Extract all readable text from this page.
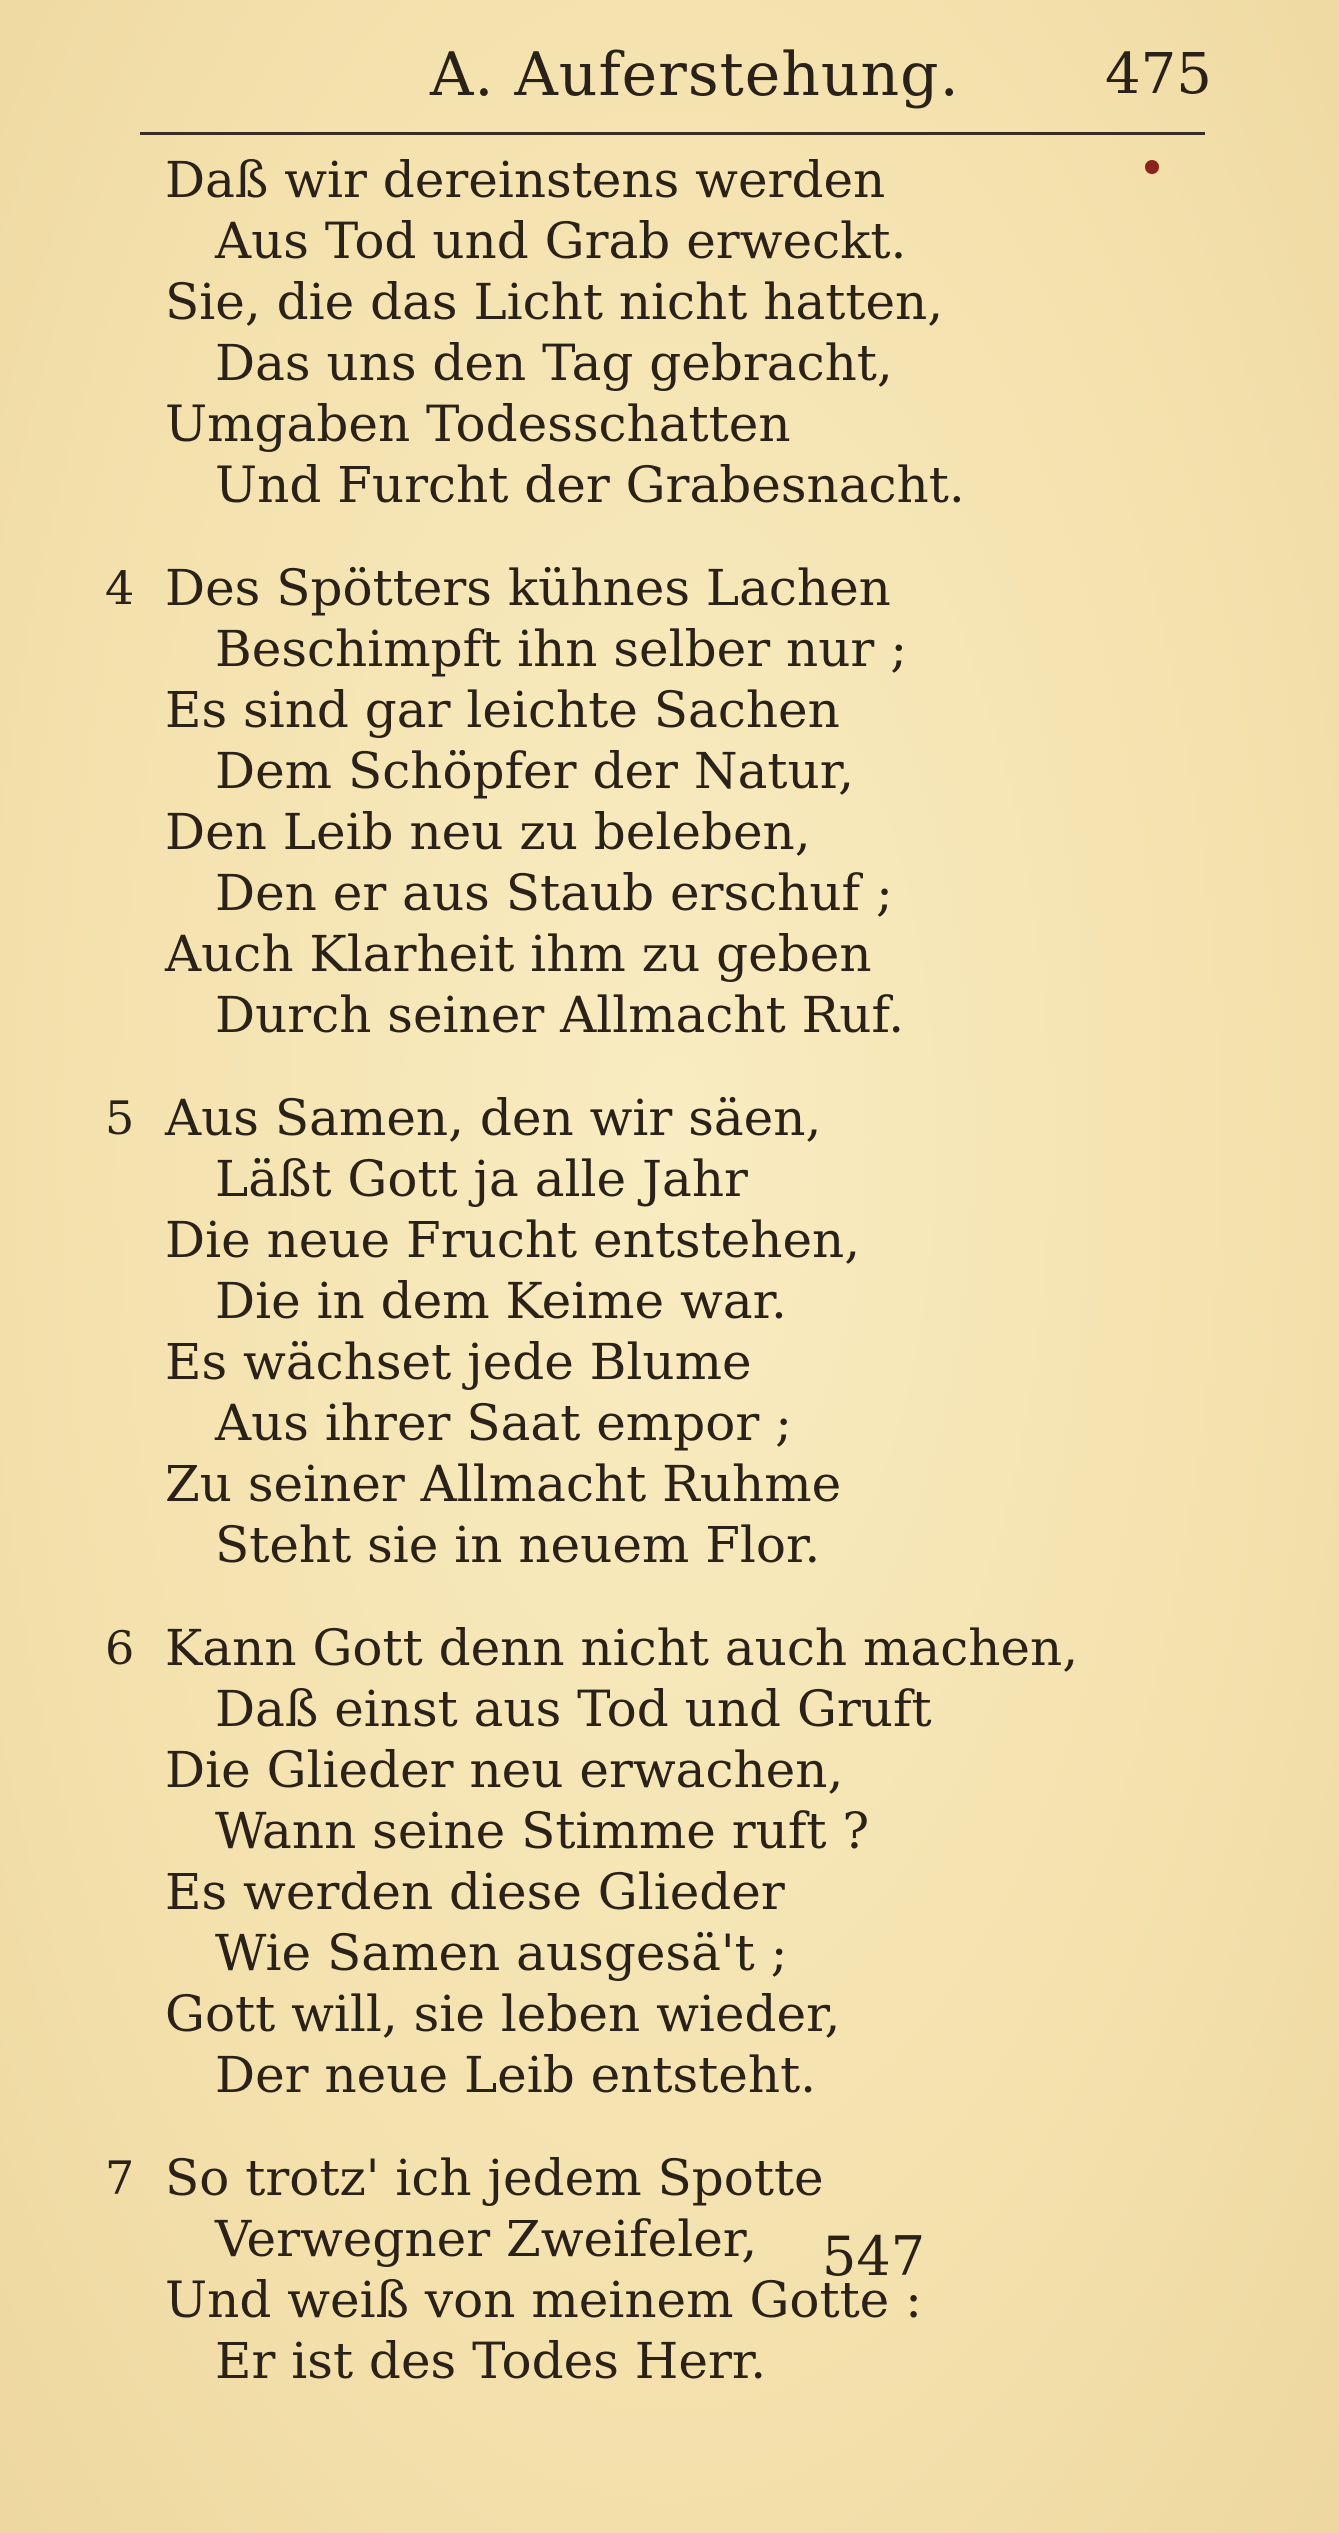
A. Auferstehung.	475
Daß wir dereinstens werden
Aus Tod und Grab erweckt.
Sie, die das Licht nicht hatten,
Das uns den Tag gebracht,
Umgaben Todesschatten
Und Furcht der Grabesnacht.
4 Des Spötters kühnes Lachen
Beschimpft ihn selber nur ;
Es sind gar leichte Sachen
Dem Schöpfer der Natur,
Den Leib neu zu beleben,
Den er aus Staub erschuf ;
Auch Klarheit ihm zu geben
Durch seiner Allmacht Ruf.
5 Aus Samen, den wir säen,
Läßt Gott ja alle Jahr
Die neue Frucht entstehen,
Die in dem Keime war.
Es wächset jede Blume
Aus ihrer Saat empor ;
Zu seiner Allmacht Ruhme
Steht sie in neuem Flor.
6 Kann Gott denn nicht auch machen,
Daß einst aus Tod und Gruft
Die Glieder neu erwachen,
Wann seine Stimme ruft ?
Es werden diese Glieder
Wie Samen ausgesä't ;
Gott will, sie leben wieder,
Der neue Leib entsteht.
7 So trotz' ich jedem Spotte
Verwegner Zweifeler,
Und weiß von meinem Gotte :
Er ist des Todes Herr.
547
